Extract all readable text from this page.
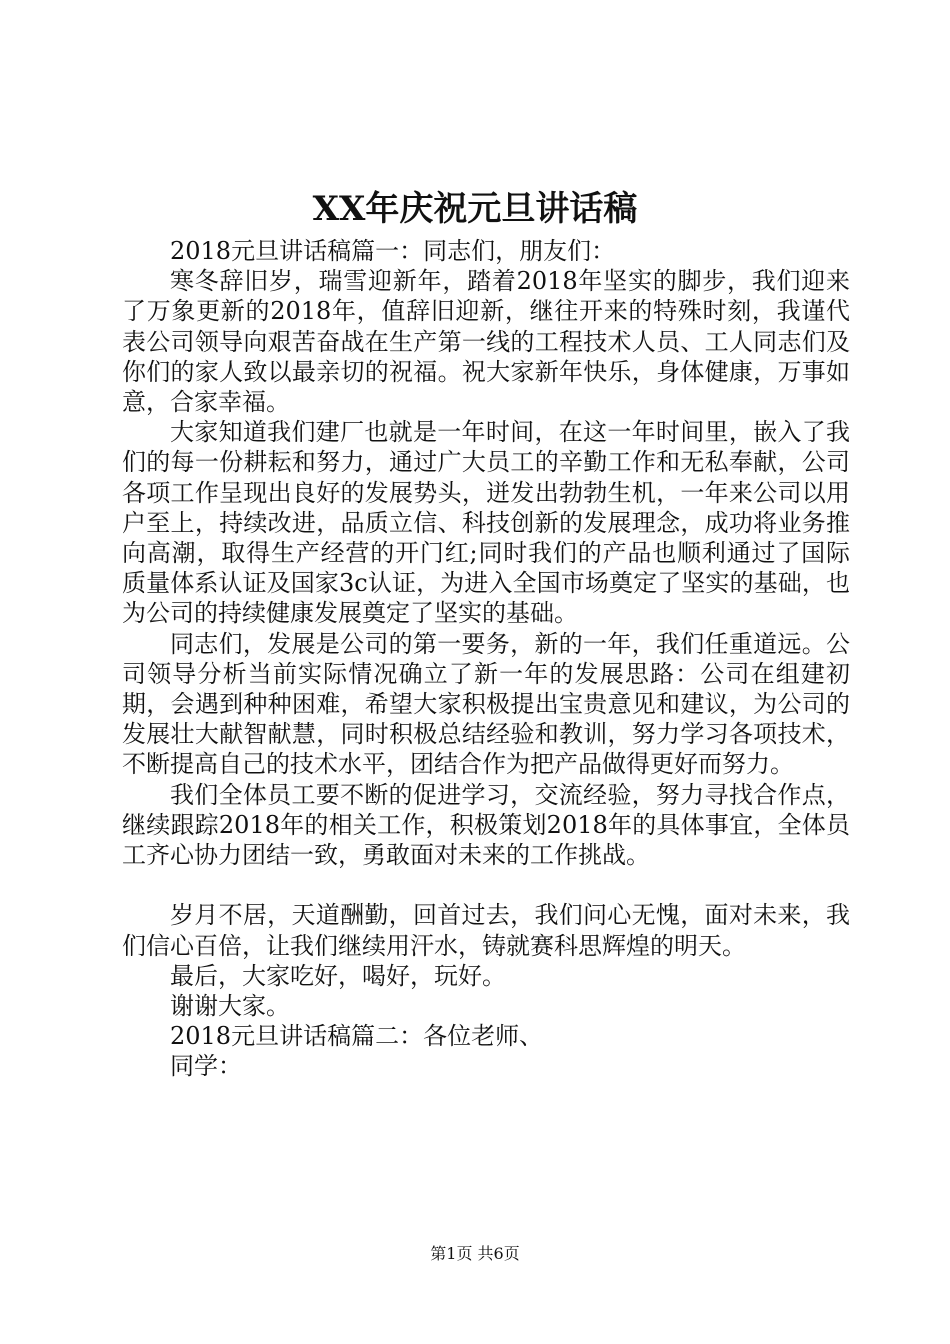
XX年庆祝元旦讲话稿

2018元旦讲话稿篇一：同志们，朋友们：

寒冬辞旧岁，瑞雪迎新年，踏着2018年坚实的脚步，我们迎来了万象更新的2018年，值辞旧迎新，继往开来的特殊时刻，我谨代表公司领导向艰苦奋战在生产第一线的工程技术人员、工人同志们及你们的家人致以最亲切的祝福。祝大家新年快乐，身体健康，万事如意，合家幸福。

大家知道我们建厂也就是一年时间，在这一年时间里，嵌入了我们的每一份耕耘和努力，通过广大员工的辛勤工作和无私奉献，公司各项工作呈现出良好的发展势头，迸发出勃勃生机，一年来公司以用户至上，持续改进，品质立信、科技创新的发展理念，成功将业务推向高潮，取得生产经营的开门红;同时我们的产品也顺利通过了国际质量体系认证及国家3c认证，为进入全国市场奠定了坚实的基础，也为公司的持续健康发展奠定了坚实的基础。

同志们，发展是公司的第一要务，新的一年，我们任重道远。公司领导分析当前实际情况确立了新一年的发展思路：公司在组建初期，会遇到种种困难，希望大家积极提出宝贵意见和建议，为公司的发展壮大献智献慧，同时积极总结经验和教训，努力学习各项技术，不断提高自己的技术水平，团结合作为把产品做得更好而努力。

我们全体员工要不断的促进学习，交流经验，努力寻找合作点，继续跟踪2018年的相关工作，积极策划2018年的具体事宜，全体员工齐心协力团结一致，勇敢面对未来的工作挑战。

岁月不居，天道酬勤，回首过去，我们问心无愧，面对未来，我们信心百倍，让我们继续用汗水，铸就赛科思辉煌的明天。

最后，大家吃好，喝好，玩好。

谢谢大家。

2018元旦讲话稿篇二：各位老师、

同学：

第1页 共6页
